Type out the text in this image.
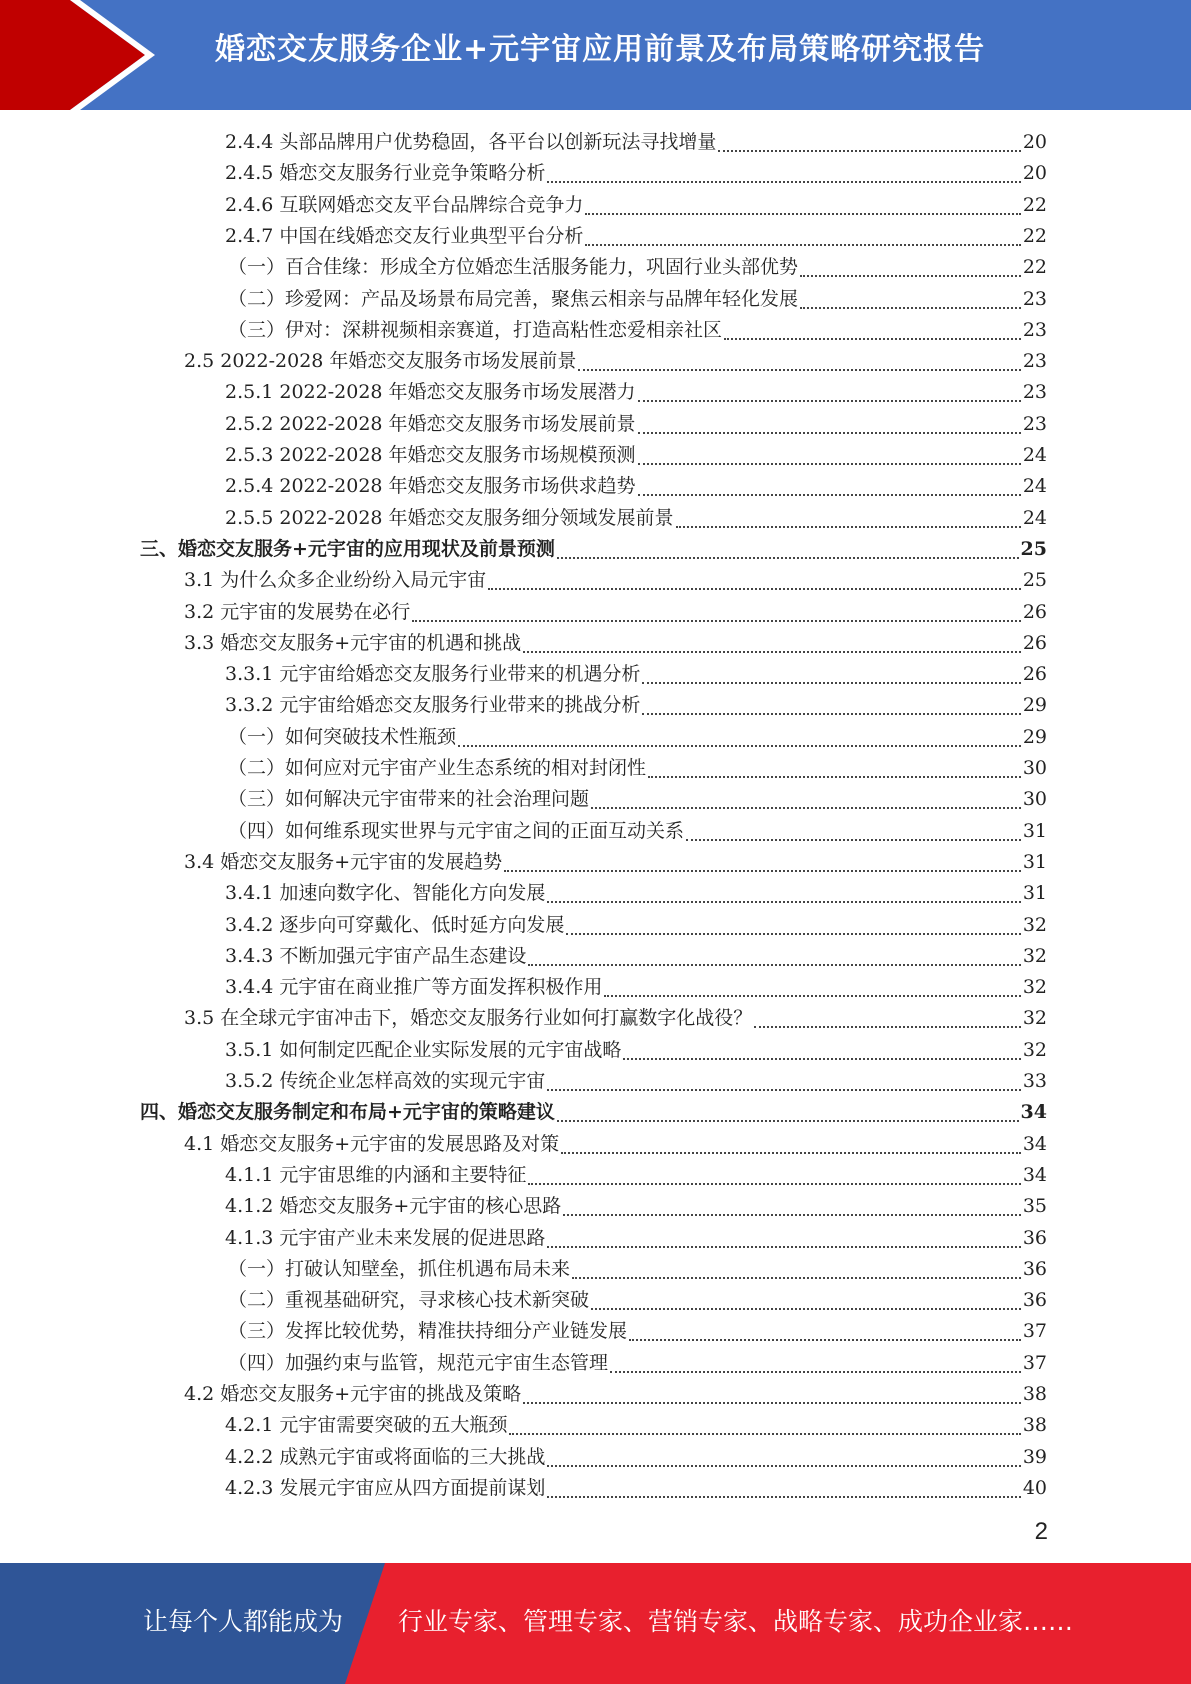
婚恋交友服务企业+元宇宙应用前景及布局策略研究报告
2.4.4 头部品牌用户优势稳固，各平台以创新玩法寻找增量	20
2.4.5 婚恋交友服务行业竞争策略分析	20
2.4.6 互联网婚恋交友平台品牌综合竞争力	22
2.4.7 中国在线婚恋交友行业典型平台分析	22
（一）百合佳缘：形成全方位婚恋生活服务能力，巩固行业头部优势	22
（二）珍爱网：产品及场景布局完善，聚焦云相亲与品牌年轻化发展	23
（三）伊对：深耕视频相亲赛道，打造高粘性恋爱相亲社区	23
2.5 2022-2028 年婚恋交友服务市场发展前景	23
2.5.1 2022-2028 年婚恋交友服务市场发展潜力	23
2.5.2 2022-2028 年婚恋交友服务市场发展前景	23
2.5.3 2022-2028 年婚恋交友服务市场规模预测	24
2.5.4 2022-2028 年婚恋交友服务市场供求趋势	24
2.5.5 2022-2028 年婚恋交友服务细分领域发展前景	24
三、婚恋交友服务+元宇宙的应用现状及前景预测	25
3.1 为什么众多企业纷纷入局元宇宙	25
3.2 元宇宙的发展势在必行	26
3.3 婚恋交友服务+元宇宙的机遇和挑战	26
3.3.1 元宇宙给婚恋交友服务行业带来的机遇分析	26
3.3.2 元宇宙给婚恋交友服务行业带来的挑战分析	29
（一）如何突破技术性瓶颈	29
（二）如何应对元宇宙产业生态系统的相对封闭性	30
（三）如何解决元宇宙带来的社会治理问题	30
（四）如何维系现实世界与元宇宙之间的正面互动关系	31
3.4 婚恋交友服务+元宇宙的发展趋势	31
3.4.1 加速向数字化、智能化方向发展	31
3.4.2 逐步向可穿戴化、低时延方向发展	32
3.4.3 不断加强元宇宙产品生态建设	32
3.4.4 元宇宙在商业推广等方面发挥积极作用	32
3.5 在全球元宇宙冲击下，婚恋交友服务行业如何打赢数字化战役？	32
3.5.1 如何制定匹配企业实际发展的元宇宙战略	32
3.5.2 传统企业怎样高效的实现元宇宙	33
四、婚恋交友服务制定和布局+元宇宙的策略建议	34
4.1 婚恋交友服务+元宇宙的发展思路及对策	34
4.1.1 元宇宙思维的内涵和主要特征	34
4.1.2 婚恋交友服务+元宇宙的核心思路	35
4.1.3 元宇宙产业未来发展的促进思路	36
（一）打破认知壁垒，抓住机遇布局未来	36
（二）重视基础研究，寻求核心技术新突破	36
（三）发挥比较优势，精准扶持细分产业链发展	37
（四）加强约束与监管，规范元宇宙生态管理	37
4.2 婚恋交友服务+元宇宙的挑战及策略	38
4.2.1 元宇宙需要突破的五大瓶颈	38
4.2.2 成熟元宇宙或将面临的三大挑战	39
4.2.3 发展元宇宙应从四方面提前谋划	40
2
让每个人都能成为 行业专家、管理专家、营销专家、战略专家、成功企业家……
